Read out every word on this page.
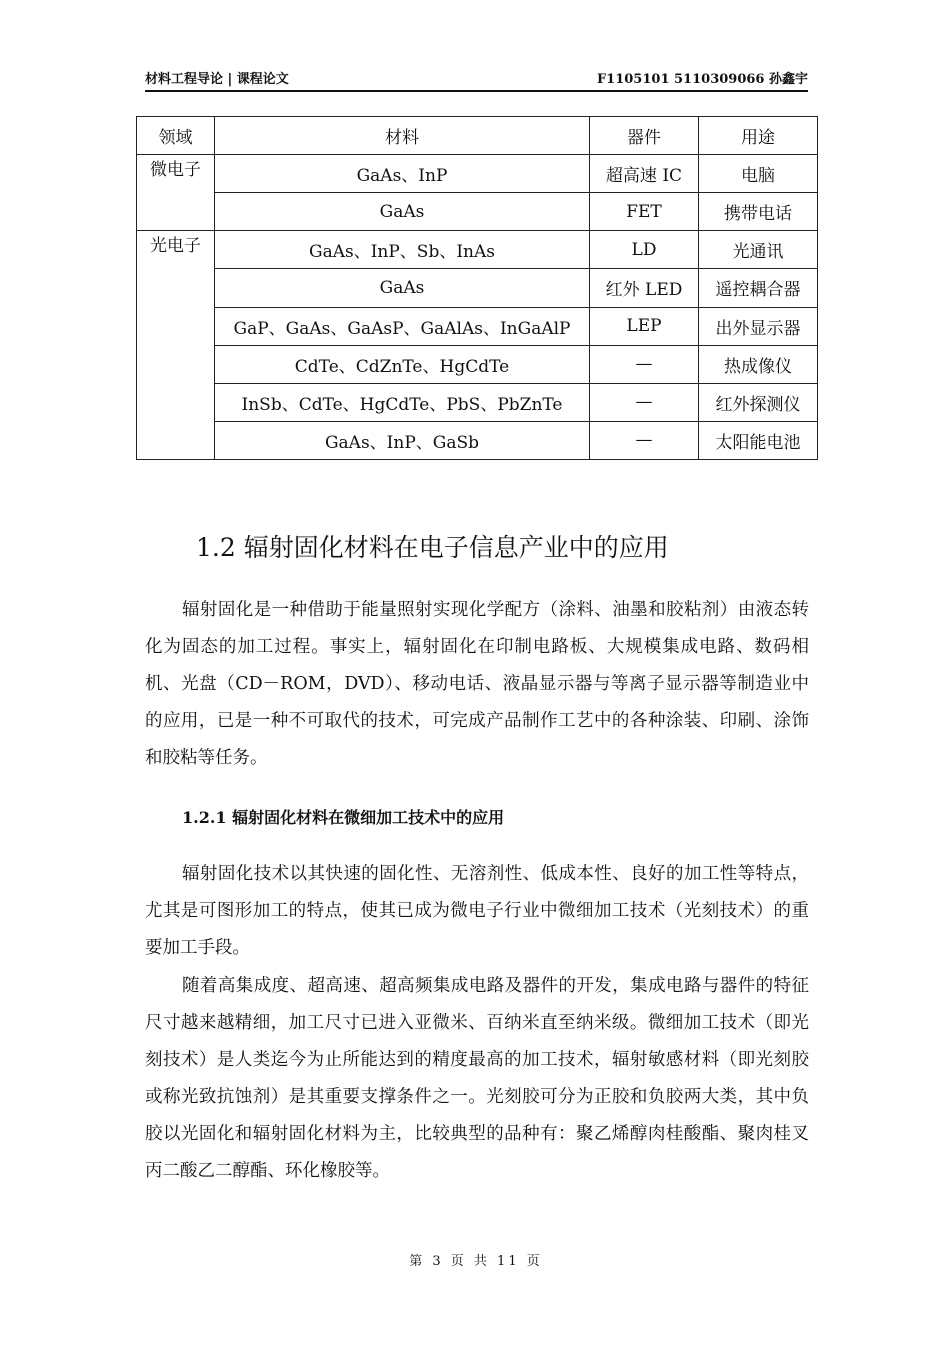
材料工程导论 | 课程论文	F1105101 5110309066 孙鑫宇
领域	材料	器件	用途
微电子	GaAs、InP	超高速 IC	电脑
	GaAs	FET	携带电话
光电子	GaAs、InP、Sb、InAs	LD	光通讯
	GaAs	红外 LED	遥控耦合器
	GaP、GaAs、GaAsP、GaAlAs、InGaAlP	LEP	出外显示器
	CdTe、CdZnTe、HgCdTe	—	热成像仪
	InSb、CdTe、HgCdTe、PbS、PbZnTe	—	红外探测仪
	GaAs、InP、GaSb	—	太阳能电池
1.2 辐射固化材料在电子信息产业中的应用

辐射固化是一种借助于能量照射实现化学配方（涂料、油墨和胶粘剂）由液态转化为固态的加工过程。事实上，辐射固化在印制电路板、大规模集成电路、数码相机、光盘（CD－ROM，DVD）、移动电话、液晶显示器与等离子显示器等制造业中的应用，已是一种不可取代的技术，可完成产品制作工艺中的各种涂装、印刷、涂饰和胶粘等任务。

1.2.1 辐射固化材料在微细加工技术中的应用

辐射固化技术以其快速的固化性、无溶剂性、低成本性、良好的加工性等特点，尤其是可图形加工的特点，使其已成为微电子行业中微细加工技术（光刻技术）的重要加工手段。

随着高集成度、超高速、超高频集成电路及器件的开发，集成电路与器件的特征尺寸越来越精细，加工尺寸已进入亚微米、百纳米直至纳米级。微细加工技术（即光刻技术）是人类迄今为止所能达到的精度最高的加工技术，辐射敏感材料（即光刻胶或称光致抗蚀剂）是其重要支撑条件之一。光刻胶可分为正胶和负胶两大类，其中负胶以光固化和辐射固化材料为主，比较典型的品种有：聚乙烯醇肉桂酸酯、聚肉桂叉丙二酸乙二醇酯、环化橡胶等。

第 3 页 共 11 页
